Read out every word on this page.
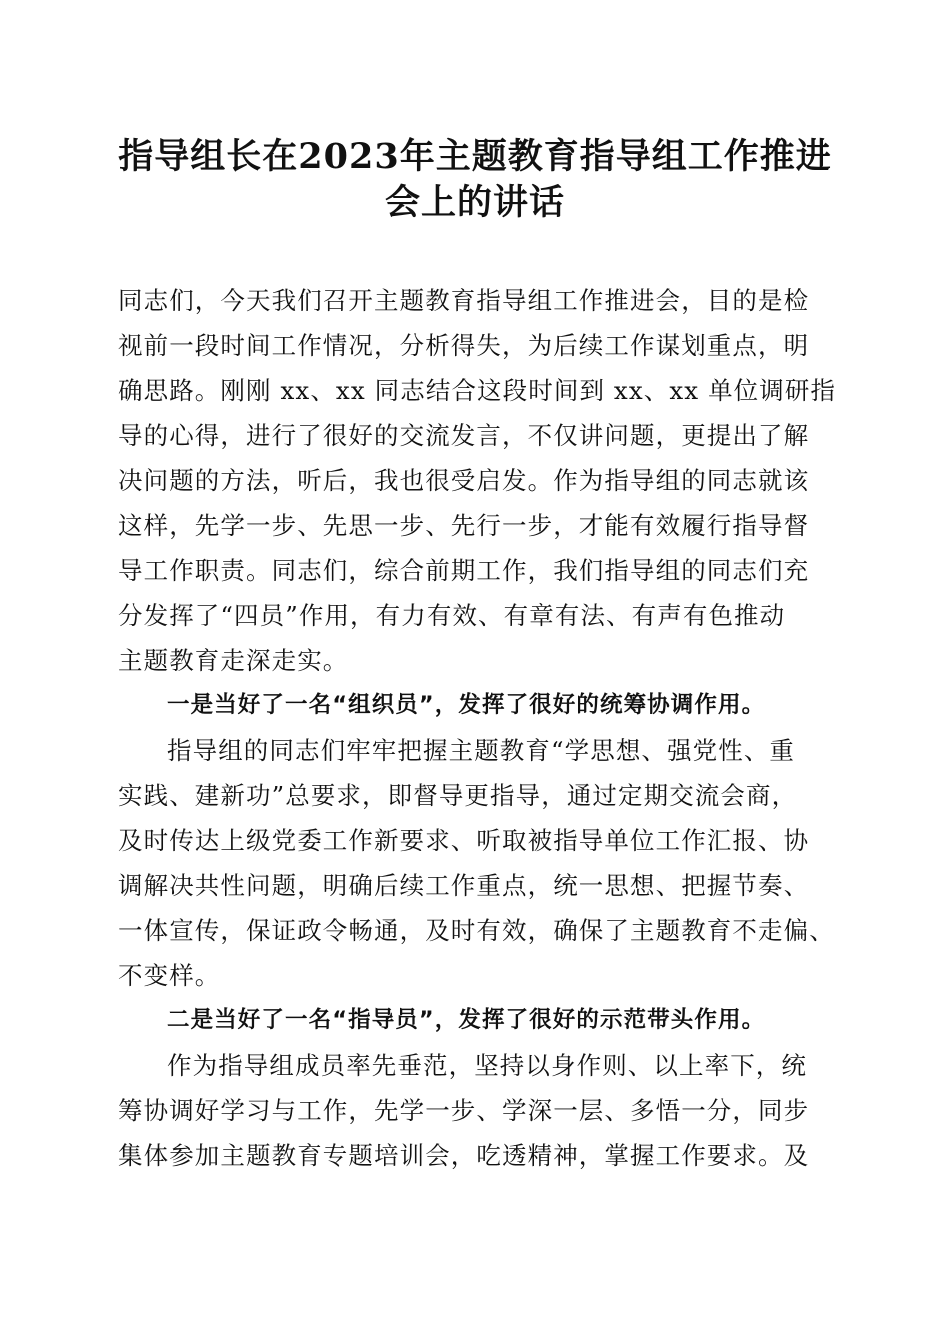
指导组长在2023年主题教育指导组工作推进
会上的讲话
同志们，今天我们召开主题教育指导组工作推进会，目的是检
视前一段时间工作情况，分析得失，为后续工作谋划重点，明
确思路。刚刚 xx、xx 同志结合这段时间到 xx、xx 单位调研指
导的心得，进行了很好的交流发言，不仅讲问题，更提出了解
决问题的方法，听后，我也很受启发。作为指导组的同志就该
这样，先学一步、先思一步、先行一步，才能有效履行指导督
导工作职责。同志们，综合前期工作，我们指导组的同志们充
分发挥了“四员”作用，有力有效、有章有法、有声有色推动
主题教育走深走实。
一是当好了一名“组织员”，发挥了很好的统筹协调作用。
指导组的同志们牢牢把握主题教育“学思想、强党性、重
实践、建新功”总要求，即督导更指导，通过定期交流会商，
及时传达上级党委工作新要求、听取被指导单位工作汇报、协
调解决共性问题，明确后续工作重点，统一思想、把握节奏、
一体宣传，保证政令畅通，及时有效，确保了主题教育不走偏、
不变样。
二是当好了一名“指导员”，发挥了很好的示范带头作用。
作为指导组成员率先垂范，坚持以身作则、以上率下，统
筹协调好学习与工作，先学一步、学深一层、多悟一分，同步
集体参加主题教育专题培训会，吃透精神，掌握工作要求。及
